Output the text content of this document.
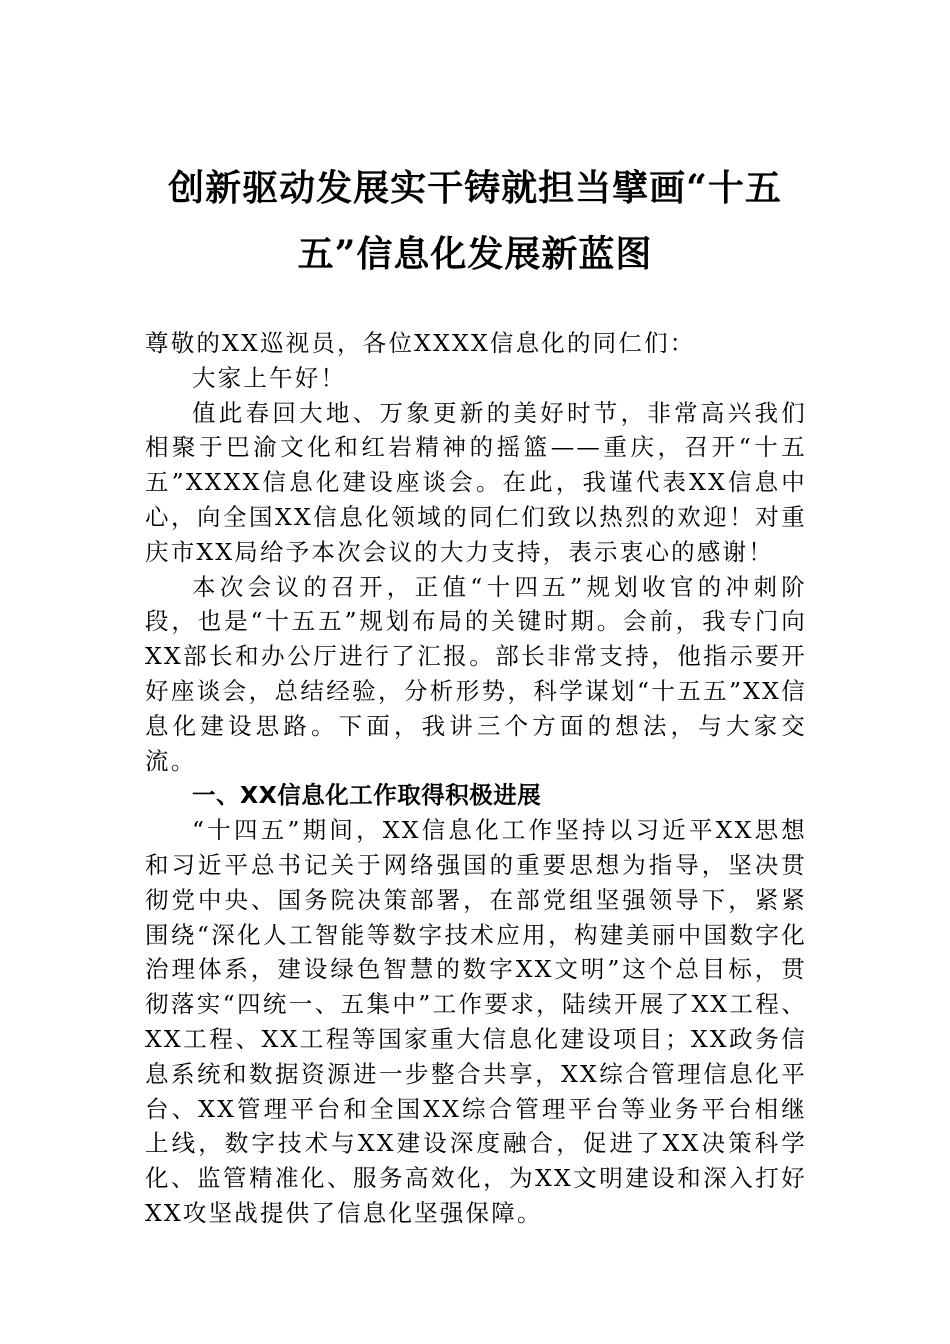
创新驱动发展实干铸就担当擘画“十五
五”信息化发展新蓝图

尊敬的XX巡视员，各位XXXX信息化的同仁们：

大家上午好！

值此春回大地、万象更新的美好时节，非常高兴我们相聚于巴渝文化和红岩精神的摇篮——重庆，召开“十五五”XXXX信息化建设座谈会。在此，我谨代表XX信息中心，向全国XX信息化领域的同仁们致以热烈的欢迎！对重庆市XX局给予本次会议的大力支持，表示衷心的感谢！

本次会议的召开，正值“十四五”规划收官的冲刺阶段，也是“十五五”规划布局的关键时期。会前，我专门向XX部长和办公厅进行了汇报。部长非常支持，他指示要开好座谈会，总结经验，分析形势，科学谋划“十五五”XX信息化建设思路。下面，我讲三个方面的想法，与大家交流。

一、XX信息化工作取得积极进展

“十四五”期间，XX信息化工作坚持以习近平XX思想和习近平总书记关于网络强国的重要思想为指导，坚决贯彻党中央、国务院决策部署，在部党组坚强领导下，紧紧围绕“深化人工智能等数字技术应用，构建美丽中国数字化治理体系，建设绿色智慧的数字XX文明”这个总目标，贯彻落实“四统一、五集中”工作要求，陆续开展了XX工程、XX工程、XX工程等国家重大信息化建设项目；XX政务信息系统和数据资源进一步整合共享，XX综合管理信息化平台、XX管理平台和全国XX综合管理平台等业务平台相继上线，数字技术与XX建设深度融合，促进了XX决策科学化、监管精准化、服务高效化，为XX文明建设和深入打好XX攻坚战提供了信息化坚强保障。
